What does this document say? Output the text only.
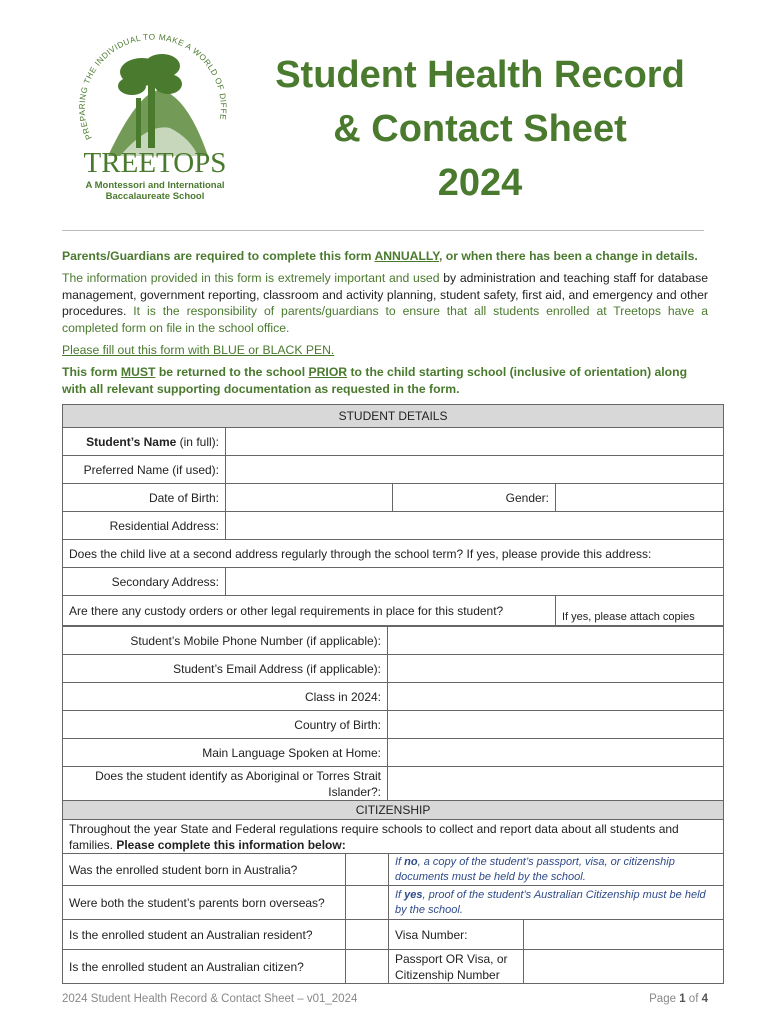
PREPARING THE INDIVIDUAL TO MAKE A WORLD OF DIFFE
TREETOPS
A Montessori and International
Baccalaureate School
Student Health Record
& Contact Sheet
2024
Parents/Guardians are required to complete this form ANNUALLY, or when there has been a change in details.
The information provided in this form is extremely important and used by administration and teaching staff for database management, government reporting, classroom and activity planning, student safety, first aid, and emergency and other procedures. It is the responsibility of parents/guardians to ensure that all students enrolled at Treetops have a completed form on file in the school office.
Please fill out this form with BLUE or BLACK PEN.
This form MUST be returned to the school PRIOR to the child starting school (inclusive of orientation) along with all relevant supporting documentation as requested in the form.
STUDENT DETAILS			
Student’s Name (in full):			
Preferred Name (if used):			
Date of Birth:		Gender:	
Residential Address:			
Does the child live at a second address regularly through the school term? If yes, please provide this address:			
Secondary Address:			
Are there any custody orders or other legal requirements in place for this student?			If yes, please attach copies
Student’s Mobile Phone Number (if applicable):	
Student’s Email Address (if applicable):	
Class in 2024:	
Country of Birth:	
Main Language Spoken at Home:	
Does the student identify as Aboriginal or Torres Strait Islander?:	
CITIZENSHIP			
Throughout the year State and Federal regulations require schools to collect and report data about all students and families. Please complete this information below:			
Was the enrolled student born in Australia?		If no, a copy of the student’s passport, visa, or citizenship documents must be held by the school.	
Were both the student’s parents born overseas?		If yes, proof of the student’s Australian Citizenship must be held by the school.	
Is the enrolled student an Australian resident?		Visa Number:	
Is the enrolled student an Australian citizen?		Passport OR Visa, or Citizenship Number	
2024 Student Health Record & Contact Sheet – v01_2024	Page 1 of 4
